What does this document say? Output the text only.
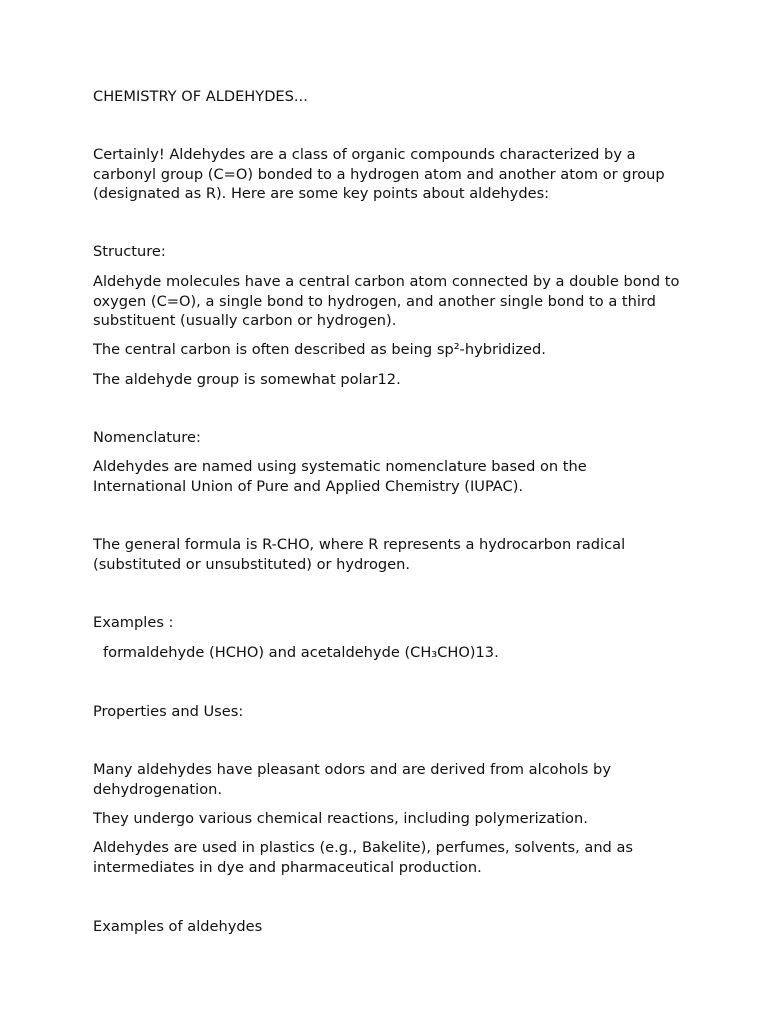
CHEMISTRY OF ALDEHYDES...

Certainly! Aldehydes are a class of organic compounds characterized by a carbonyl group (C=O) bonded to a hydrogen atom and another atom or group (designated as R). Here are some key points about aldehydes:

Structure:

Aldehyde molecules have a central carbon atom connected by a double bond to oxygen (C=O), a single bond to hydrogen, and another single bond to a third substituent (usually carbon or hydrogen).

The central carbon is often described as being sp²-hybridized.

The aldehyde group is somewhat polar12.

Nomenclature:

Aldehydes are named using systematic nomenclature based on the International Union of Pure and Applied Chemistry (IUPAC).

The general formula is R-CHO, where R represents a hydrocarbon radical (substituted or unsubstituted) or hydrogen.

Examples :

formaldehyde (HCHO) and acetaldehyde (CH₃CHO)13.

Properties and Uses:

Many aldehydes have pleasant odors and are derived from alcohols by dehydrogenation.

They undergo various chemical reactions, including polymerization.

Aldehydes are used in plastics (e.g., Bakelite), perfumes, solvents, and as intermediates in dye and pharmaceutical production.

Examples of aldehydes
